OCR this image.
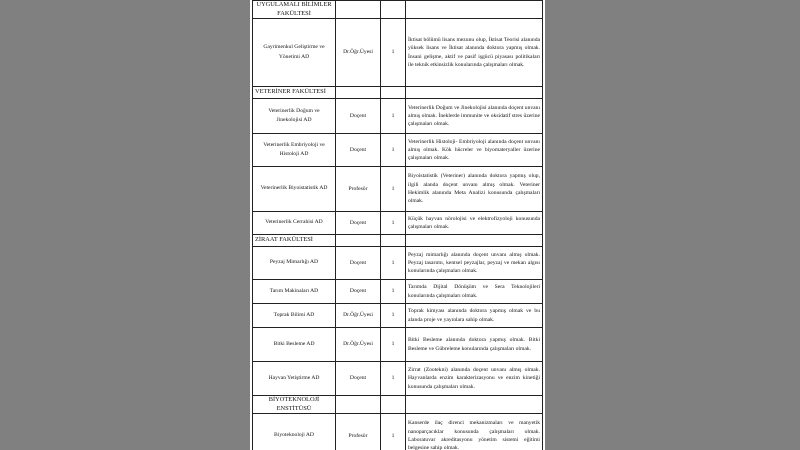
UYGULAMALI BİLİMLER FAKÜLTESİ			
Gayrimenkul Geliştirme ve Yönetimi AD	Dr.Öğr.Üyesi	1	İktisat bölümü lisans mezunu olup, İktisat Teorisi alanında yüksek lisans ve İktisat alanında doktora yapmış olmak. İnsani gelişme, aktif ve pasif işgücü piyasası politikaları ile teknik etkinsizlik konularında çalışmaları olmak.
VETERİNER FAKÜLTESİ			
Veterinerlik Doğum ve Jinekolojisi AD	Doçent	1	Veterinerlik Doğum ve Jinekolojisi alanında doçent unvanı almış olmak. İneklerde immunite ve oksidatif stres üzerine çalışmaları olmak.
Veterinerlik Embriyoloji ve Histoloji AD	Doçent	1	Veterinerlik Histoloji- Embriyoloji alanında doçent unvanı almış olmak. Kök hücreler ve biyomateryaller üzerine çalışmaları olmak.
Veterinerlik Biyoistatistik AD	Profesör	1	Biyoistatistik (Veteriner) alanında doktora yapmış olup, ilgili alanda doçent unvanı almış olmak. Veteriner Hekimlik alanında Meta Analizi konusunda çalışmaları olmak.
Veterinerlik Cerrahisi AD	Doçent	1	Küçük hayvan nörolojisi ve elektrofizyoloji konusunda çalışmaları olmak.
ZİRAAT FAKÜLTESİ			
Peyzaj Mimarlığı AD	Doçent	1	Peyzaj mimarlığı alanında doçent unvanı almış olmak. Peyzaj tasarımı, kentsel peyzajlar, peyzaj ve mekan algısı konularında çalışmaları olmak.
Tarım Makinaları AD	Doçent	1	Tarımda Dijital Dönüşüm ve Sera Teknolojileri konularında çalışmaları olmak.
Toprak Bilimi AD	Dr.Öğr.Üyesi	1	Toprak kimyası alanında doktora yapmış olmak ve bu alanda proje ve yayınlara sahip olmak.
Bitki Besleme AD	Dr.Öğr.Üyesi	1	Bitki Besleme alanında doktora yapmış olmak. Bitki Besleme ve Gübreleme konularında çalışmaları olmak.
Hayvan Yetiştirme AD	Doçent	1	Zirrat (Zootekni) alanında doçent unvanı almış olmak. Hayvanlarda enzim karakterizasyonu ve enzim kinetiği konusunda çalışmaları olmak.
BİYOTEKNOLOJİ ENSTİTÜSÜ			
Biyoteknoloji AD	Profesör	1	Kanserde ilaç direnci mekanizmaları ve manyetik nanoparçacıklar konusunda çalışmaları olmak. Laboratuvar akreditasyonu yönetim sistemi eğitimi belgesine sahip olmak.
